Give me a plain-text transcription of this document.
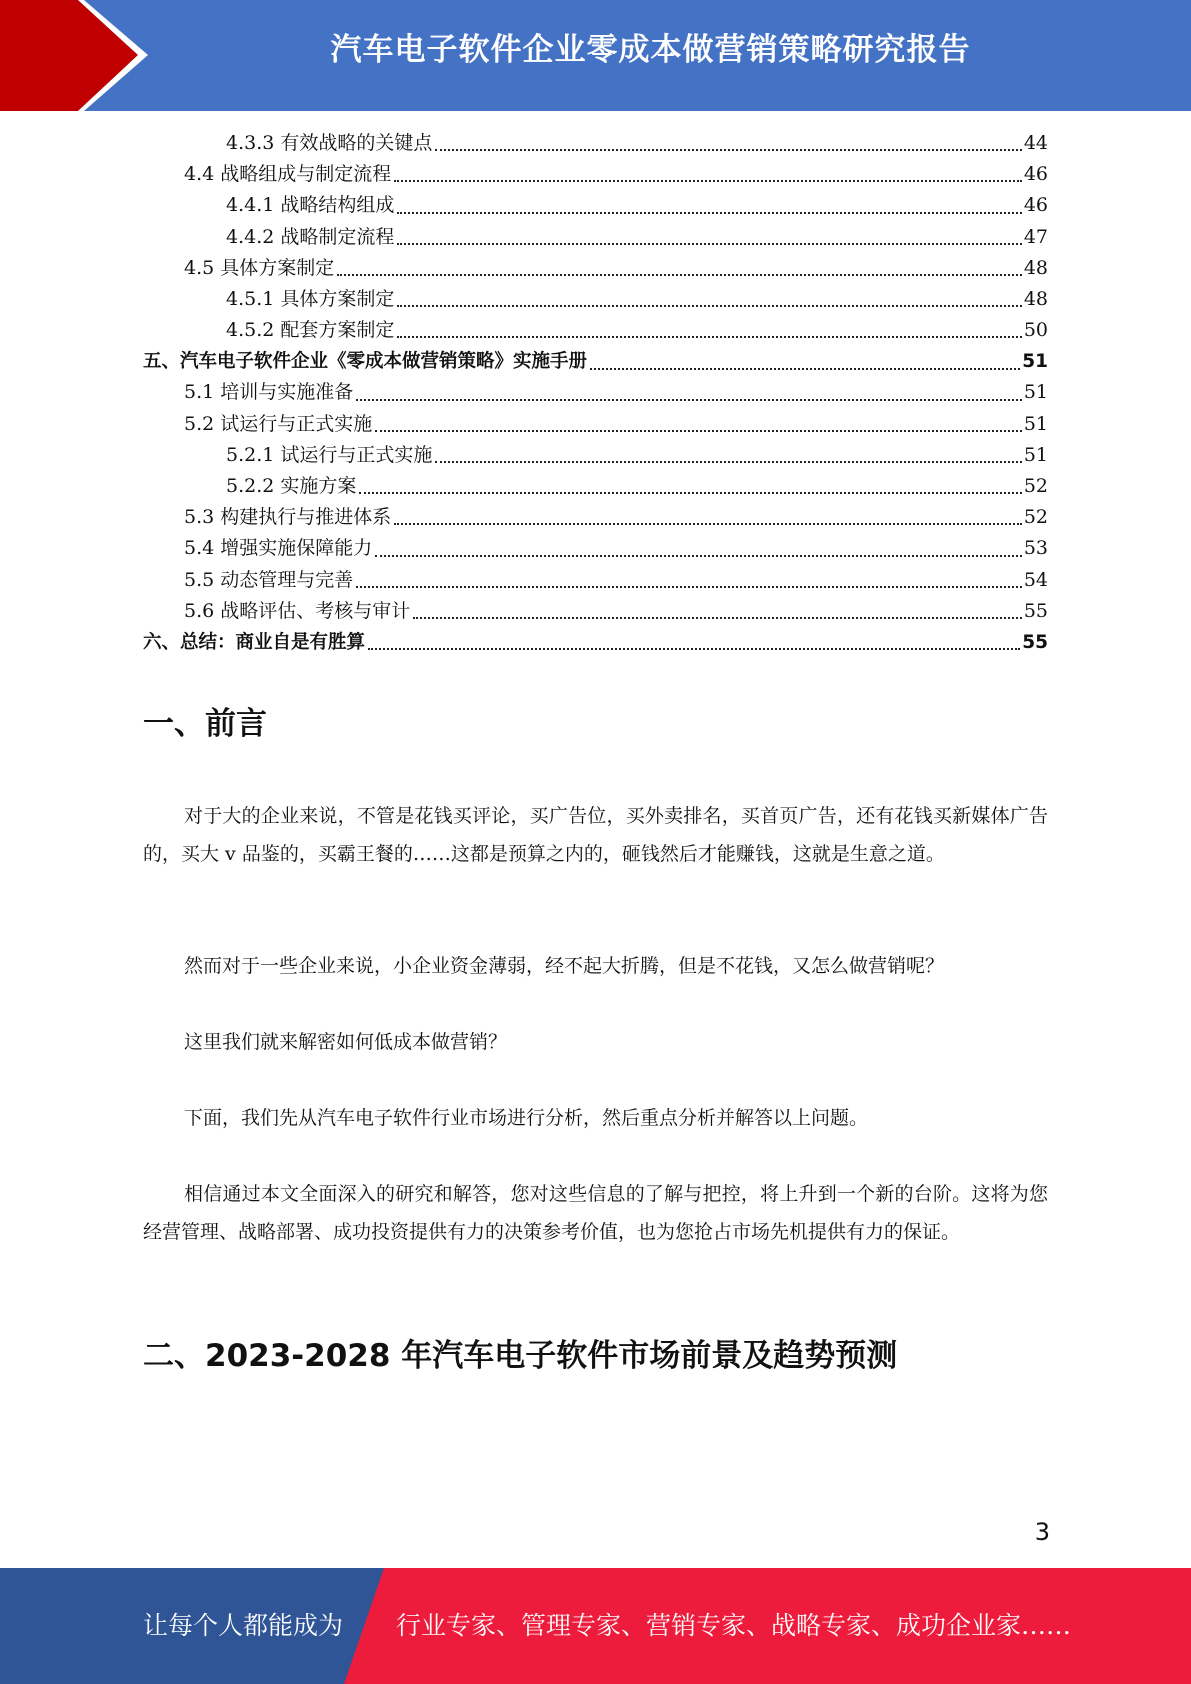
汽车电子软件企业零成本做营销策略研究报告
4.3.3 有效战略的关键点	44
4.4 战略组成与制定流程	46
4.4.1 战略结构组成	46
4.4.2 战略制定流程	47
4.5 具体方案制定	48
4.5.1 具体方案制定	48
4.5.2 配套方案制定	50
五、汽车电子软件企业《零成本做营销策略》实施手册	51
5.1 培训与实施准备	51
5.2 试运行与正式实施	51
5.2.1 试运行与正式实施	51
5.2.2 实施方案	52
5.3 构建执行与推进体系	52
5.4 增强实施保障能力	53
5.5 动态管理与完善	54
5.6 战略评估、考核与审计	55
六、总结：商业自是有胜算	55
一、前言
对于大的企业来说，不管是花钱买评论，买广告位，买外卖排名，买首页广告，还有花钱买新媒体广告的，买大 v 品鉴的，买霸王餐的……这都是预算之内的，砸钱然后才能赚钱，这就是生意之道。
然而对于一些企业来说，小企业资金薄弱，经不起大折腾，但是不花钱，又怎么做营销呢？
这里我们就来解密如何低成本做营销？
下面，我们先从汽车电子软件行业市场进行分析，然后重点分析并解答以上问题。
相信通过本文全面深入的研究和解答，您对这些信息的了解与把控，将上升到一个新的台阶。这将为您经营管理、战略部署、成功投资提供有力的决策参考价值，也为您抢占市场先机提供有力的保证。
二、2023-2028 年汽车电子软件市场前景及趋势预测
3
让每个人都能成为 行业专家、管理专家、营销专家、战略专家、成功企业家……
